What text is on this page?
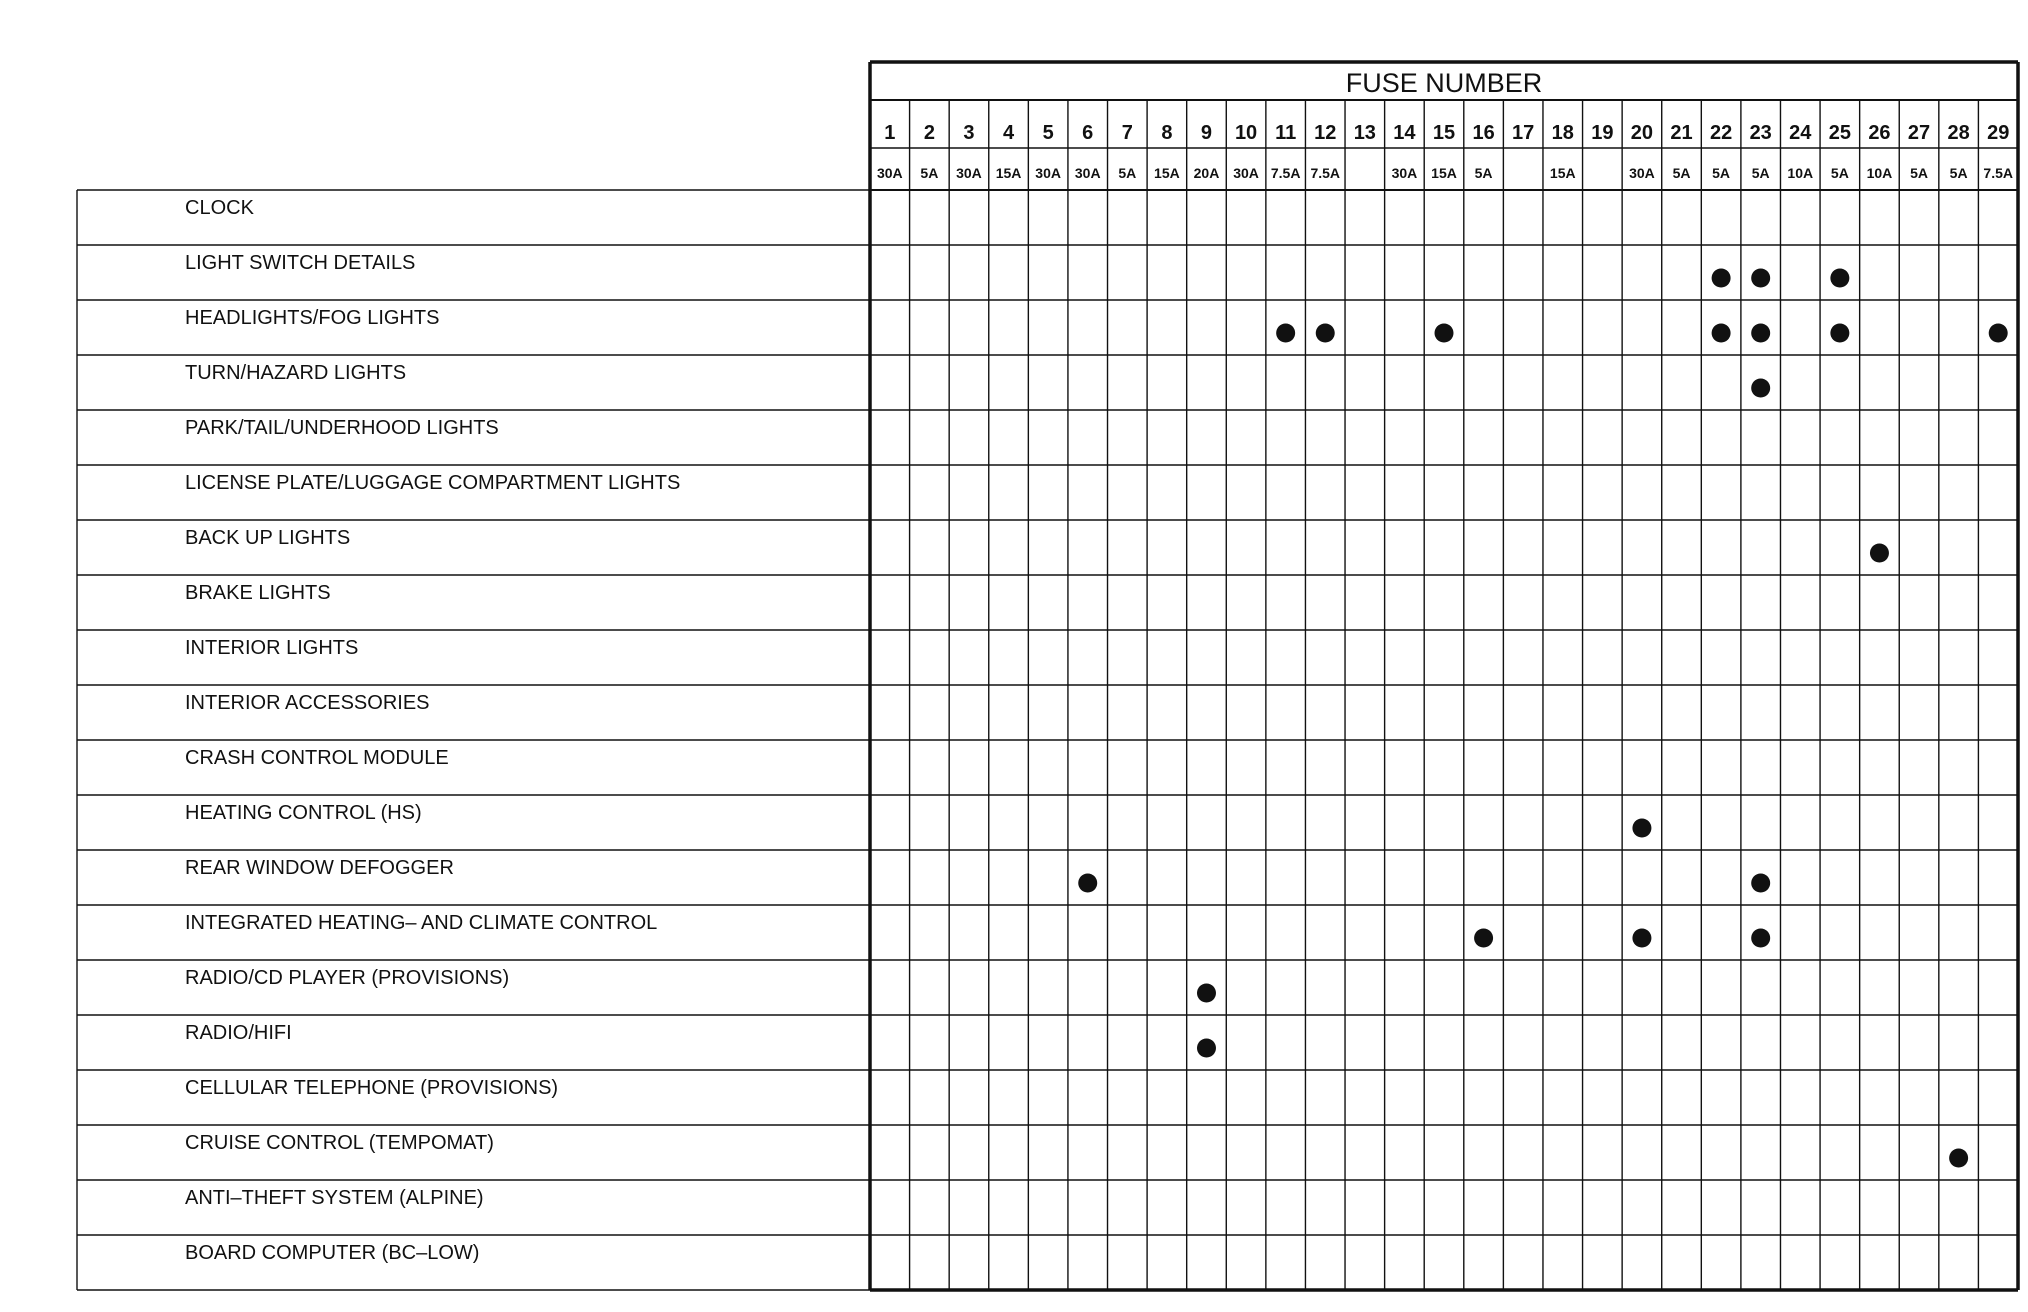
FUSE NUMBER
1
30A
2
5A
3
30A
4
15A
5
30A
6
30A
7
5A
8
15A
9
20A
10
30A
11
7.5A
12
7.5A
13 14
30A
15
15A
16
5A
17 18
15A
19 20
30A
21
5A
22
5A
23
5A
24
10A
25
5A
26
10A
27
5A
28
5A
29
7.5A
CLOCK
LIGHT SWITCH DETAILS
HEADLIGHTS/FOG LIGHTS
TURN/HAZARD LIGHTS
PARK/TAIL/UNDERHOOD LIGHTS
LICENSE PLATE/LUGGAGE COMPARTMENT LIGHTS
BACK UP LIGHTS
BRAKE LIGHTS
INTERIOR LIGHTS
INTERIOR ACCESSORIES
CRASH CONTROL MODULE
HEATING CONTROL (HS)
REAR WINDOW DEFOGGER
INTEGRATED HEATING– AND CLIMATE CONTROL
RADIO/CD PLAYER (PROVISIONS)
RADIO/HIFI
CELLULAR TELEPHONE (PROVISIONS)
CRUISE CONTROL (TEMPOMAT)
ANTI–THEFT SYSTEM (ALPINE)
BOARD COMPUTER (BC–LOW)
